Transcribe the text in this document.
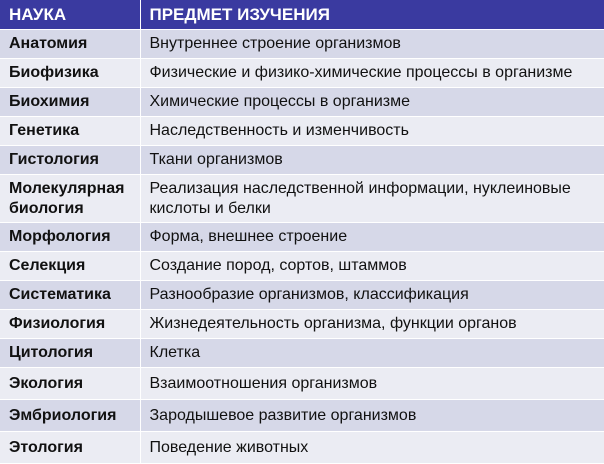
НАУКА	ПРЕДМЕТ ИЗУЧЕНИЯ
Анатомия	Внутреннее строение организмов
Биофизика	Физические и физико-химические процессы в организме
Биохимия	Химические процессы в организме
Генетика	Наследственность и изменчивость
Гистология	Ткани организмов
Молекулярная биология	Реализация наследственной информации, нуклеиновые кислоты и белки
Морфология	Форма, внешнее строение
Селекция	Создание пород, сортов, штаммов
Систематика	Разнообразие организмов, классификация
Физиология	Жизнедеятельность организма, функции органов
Цитология	Клетка
Экология	Взаимоотношения организмов
Эмбриология	Зародышевое развитие организмов
Этология	Поведение животных
